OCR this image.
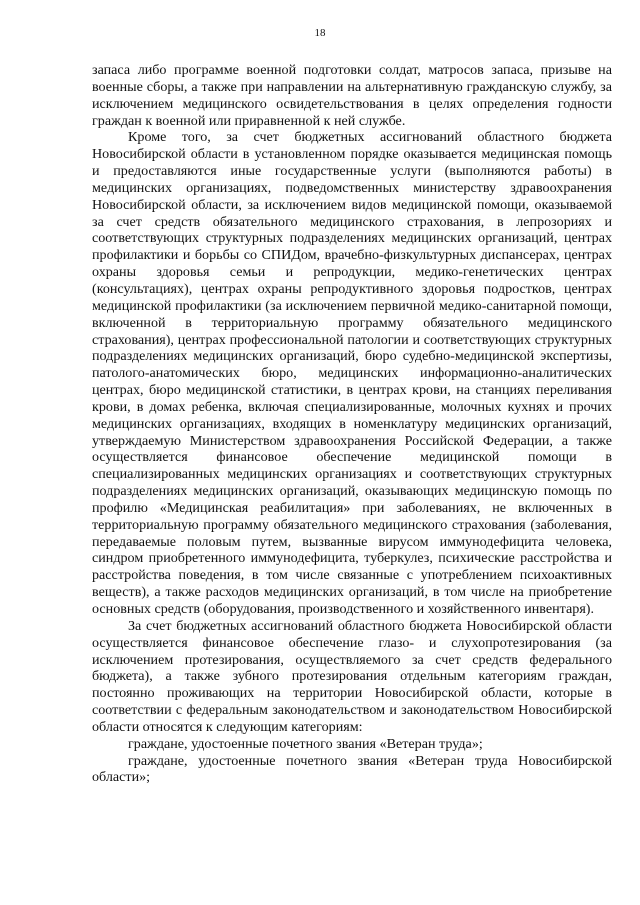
18

запаса либо программе военной подготовки солдат, матросов запаса, призыве на военные сборы, а также при направлении на альтернативную гражданскую службу, за исключением медицинского освидетельствования в целях определения годности граждан к военной или приравненной к ней службе.

Кроме того, за счет бюджетных ассигнований областного бюджета Новосибирской области в установленном порядке оказывается медицинская помощь и предоставляются иные государственные услуги (выполняются работы) в медицинских организациях, подведомственных министерству здравоохранения Новосибирской области, за исключением видов медицинской помощи, оказываемой за счет средств обязательного медицинского страхования, в лепрозориях и соответствующих структурных подразделениях медицинских организаций, центрах профилактики и борьбы со СПИДом, врачебно-физкультурных диспансерах, центрах охраны здоровья семьи и репродукции, медико-генетических центрах (консультациях), центрах охраны репродуктивного здоровья подростков, центрах медицинской профилактики (за исключением первичной медико-санитарной помощи, включенной в территориальную программу обязательного медицинского страхования), центрах профессиональной патологии и соответствующих структурных подразделениях медицинских организаций, бюро судебно-медицинской экспертизы, патолого-анатомических бюро, медицинских информационно-аналитических центрах, бюро медицинской статистики, в центрах крови, на станциях переливания крови, в домах ребенка, включая специализированные, молочных кухнях и прочих медицинских организациях, входящих в номенклатуру медицинских организаций, утверждаемую Министерством здравоохранения Российской Федерации, а также осуществляется финансовое обеспечение медицинской помощи в специализированных медицинских организациях и соответствующих структурных подразделениях медицинских организаций, оказывающих медицинскую помощь по профилю «Медицинская реабилитация» при заболеваниях, не включенных в территориальную программу обязательного медицинского страхования (заболевания, передаваемые половым путем, вызванные вирусом иммунодефицита человека, синдром приобретенного иммунодефицита, туберкулез, психические расстройства и расстройства поведения, в том числе связанные с употреблением психоактивных веществ), а также расходов медицинских организаций, в том числе на приобретение основных средств (оборудования, производственного и хозяйственного инвентаря).

За счет бюджетных ассигнований областного бюджета Новосибирской области осуществляется финансовое обеспечение глазо- и слухопротезирования (за исключением протезирования, осуществляемого за счет средств федерального бюджета), а также зубного протезирования отдельным категориям граждан, постоянно проживающих на территории Новосибирской области, которые в соответствии с федеральным законодательством и законодательством Новосибирской области относятся к следующим категориям:

граждане, удостоенные почетного звания «Ветеран труда»;

граждане, удостоенные почетного звания «Ветеран труда Новосибирской области»;
